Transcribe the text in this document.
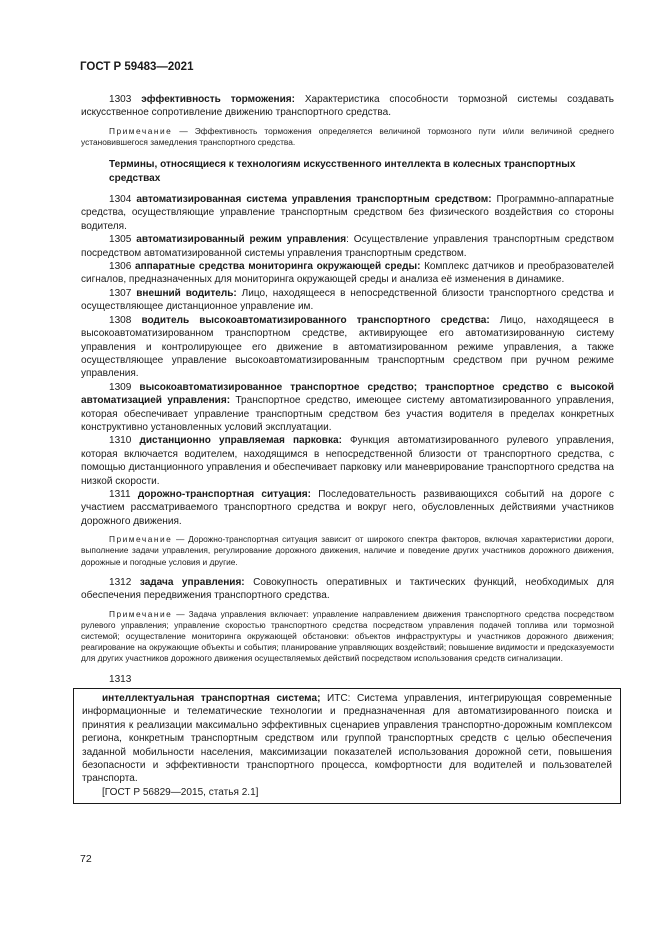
ГОСТ Р 59483—2021

1303 эффективность торможения: Характеристика способности тормозной системы создавать искусственное сопротивление движению транспортного средства.

Примечание — Эффективность торможения определяется величиной тормозного пути и/или величиной среднего установившегося замедления транспортного средства.

Термины, относящиеся к технологиям искусственного интеллекта в колесных транспортных средствах

1304 автоматизированная система управления транспортным средством: Программно-аппаратные средства, осуществляющие управление транспортным средством без физического воздействия со стороны водителя.

1305 автоматизированный режим управления: Осуществление управления транспортным средством посредством автоматизированной системы управления транспортным средством.

1306 аппаратные средства мониторинга окружающей среды: Комплекс датчиков и преобразователей сигналов, предназначенных для мониторинга окружающей среды и анализа её изменения в динамике.

1307 внешний водитель: Лицо, находящееся в непосредственной близости транспортного средства и осуществляющее дистанционное управление им.

1308 водитель высокоавтоматизированного транспортного средства: Лицо, находящееся в высокоавтоматизированном транспортном средстве, активирующее его автоматизированную систему управления и контролирующее его движение в автоматизированном режиме управления, а также осуществляющее управление высокоавтоматизированным транспортным средством при ручном режиме управления.

1309 высокоавтоматизированное транспортное средство; транспортное средство с высокой автоматизацией управления: Транспортное средство, имеющее систему автоматизированного управления, которая обеспечивает управление транспортным средством без участия водителя в пределах конкретных конструктивно установленных условий эксплуатации.

1310 дистанционно управляемая парковка: Функция автоматизированного рулевого управления, которая включается водителем, находящимся в непосредственной близости от транспортного средства, с помощью дистанционного управления и обеспечивает парковку или маневрирование транспортного средства на низкой скорости.

1311 дорожно-транспортная ситуация: Последовательность развивающихся событий на дороге с участием рассматриваемого транспортного средства и вокруг него, обусловленных действиями участников дорожного движения.

Примечание — Дорожно-транспортная ситуация зависит от широкого спектра факторов, включая характеристики дороги, выполнение задачи управления, регулирование дорожного движения, наличие и поведение других участников дорожного движения, дорожные и погодные условия и другие.

1312 задача управления: Совокупность оперативных и тактических функций, необходимых для обеспечения передвижения транспортного средства.

Примечание — Задача управления включает: управление направлением движения транспортного средства посредством рулевого управления; управление скоростью транспортного средства посредством управления подачей топлива или тормозной системой; осуществление мониторинга окружающей обстановки: объектов инфраструктуры и участников дорожного движения; реагирование на окружающие объекты и события; планирование управляющих воздействий; повышение видимости и предсказуемости для других участников дорожного движения осуществляемых действий посредством использования средств сигнализации.

1313

интеллектуальная транспортная система; ИТС: Система управления, интегрирующая современные информационные и телематические технологии и предназначенная для автоматизированного поиска и принятия к реализации максимально эффективных сценариев управления транспортно-дорожным комплексом региона, конкретным транспортным средством или группой транспортных средств с целью обеспечения заданной мобильности населения, максимизации показателей использования дорожной сети, повышения безопасности и эффективности транспортного процесса, комфортности для водителей и пользователей транспорта.

[ГОСТ Р 56829—2015, статья 2.1]

72
